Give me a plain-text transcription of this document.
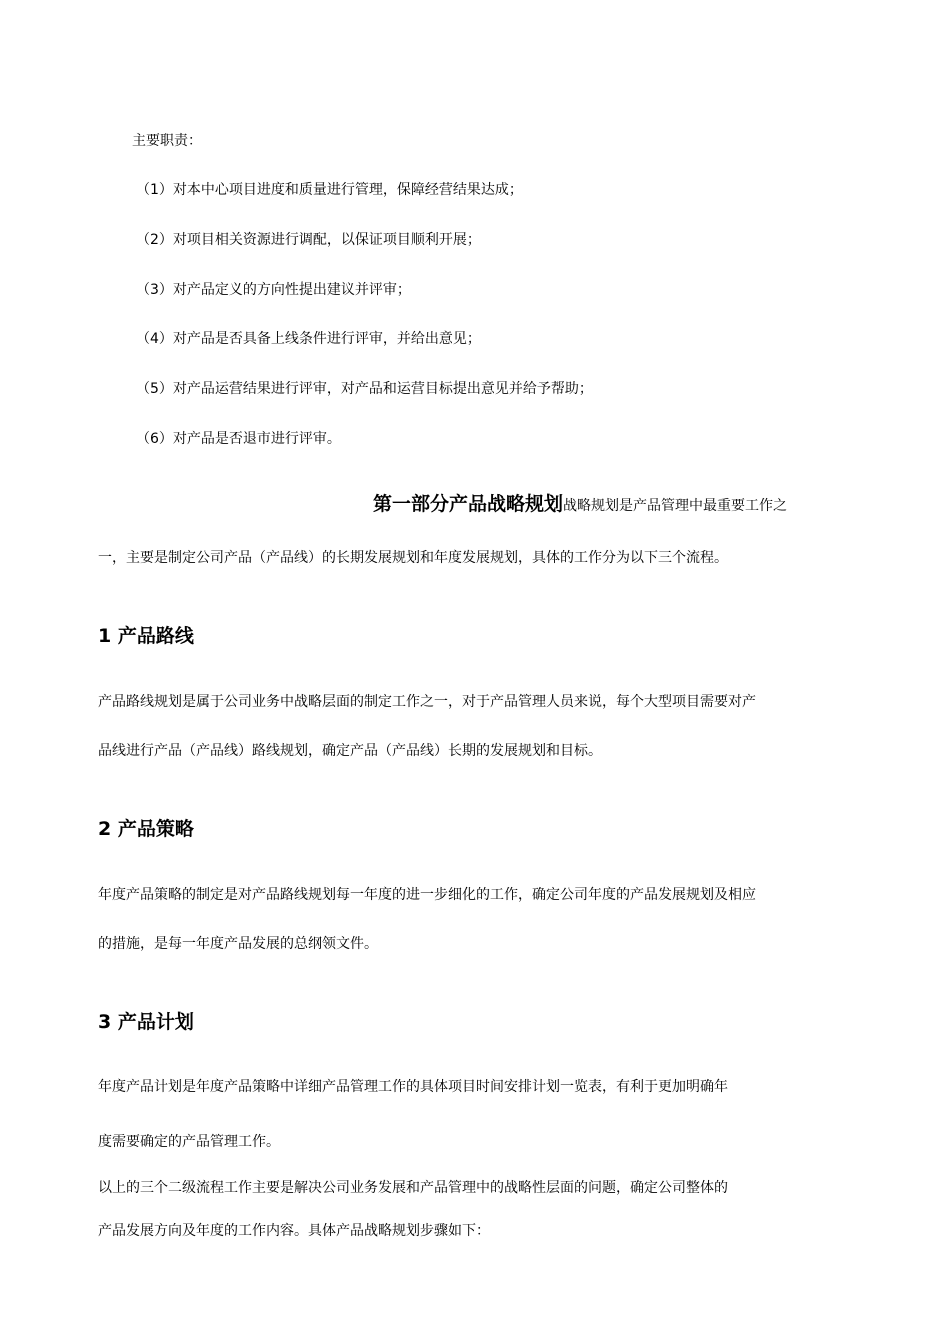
主要职责：

（1）对本中心项目进度和质量进行管理，保障经营结果达成；

（2）对项目相关资源进行调配，以保证项目顺利开展；

（3）对产品定义的方向性提出建议并评审；

（4）对产品是否具备上线条件进行评审，并给出意见；

（5）对产品运营结果进行评审，对产品和运营目标提出意见并给予帮助；

（6）对产品是否退市进行评审。

第一部分产品战略规划战略规划是产品管理中最重要工作之

一，主要是制定公司产品（产品线）的长期发展规划和年度发展规划，具体的工作分为以下三个流程。

1 产品路线

产品路线规划是属于公司业务中战略层面的制定工作之一，对于产品管理人员来说，每个大型项目需要对产

品线进行产品（产品线）路线规划，确定产品（产品线）长期的发展规划和目标。

2 产品策略

年度产品策略的制定是对产品路线规划每一年度的进一步细化的工作，确定公司年度的产品发展规划及相应

的措施，是每一年度产品发展的总纲领文件。

3 产品计划

年度产品计划是年度产品策略中详细产品管理工作的具体项目时间安排计划一览表，有利于更加明确年

度需要确定的产品管理工作。

以上的三个二级流程工作主要是解决公司业务发展和产品管理中的战略性层面的问题，确定公司整体的

产品发展方向及年度的工作内容。具体产品战略规划步骤如下：
